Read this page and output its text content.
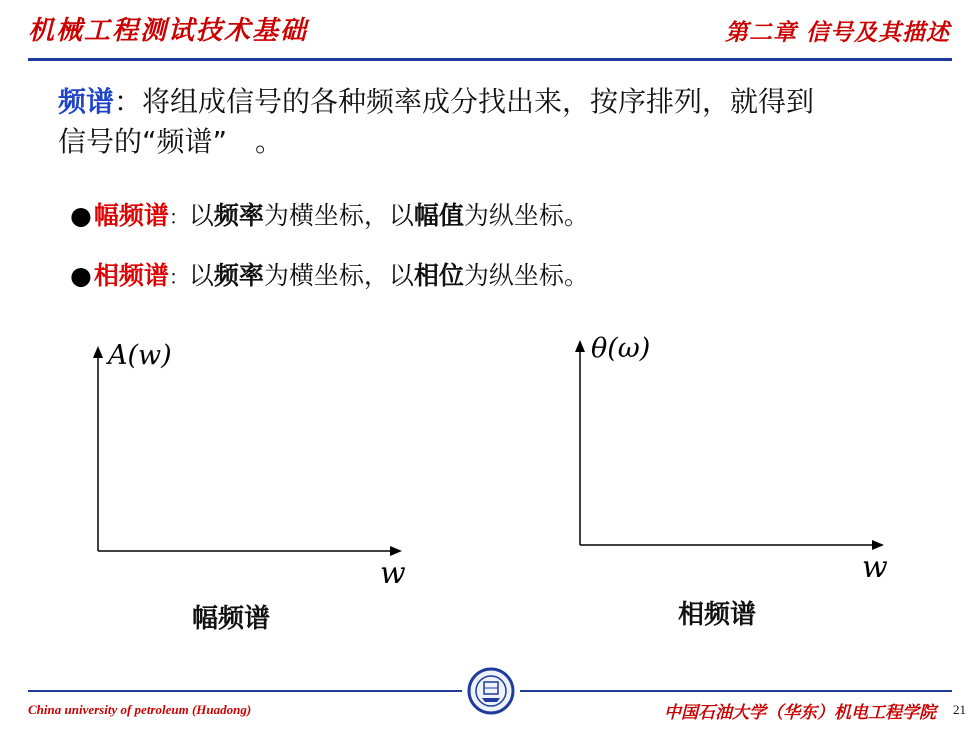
机械工程测试技术基础	第二章 信号及其描述
频谱：将组成信号的各种频率成分找出来，按序排列，就得到
信号的“频谱”　。
●幅频谱：以频率为横坐标，以幅值为纵坐标。
●相频谱：以频率为横坐标，以相位为纵坐标。
A(w)
w
θ(ω)
w
幅频谱	相频谱
China university of petroleum (Huadong)	中国石油大学（华东）机电工程学院 21
